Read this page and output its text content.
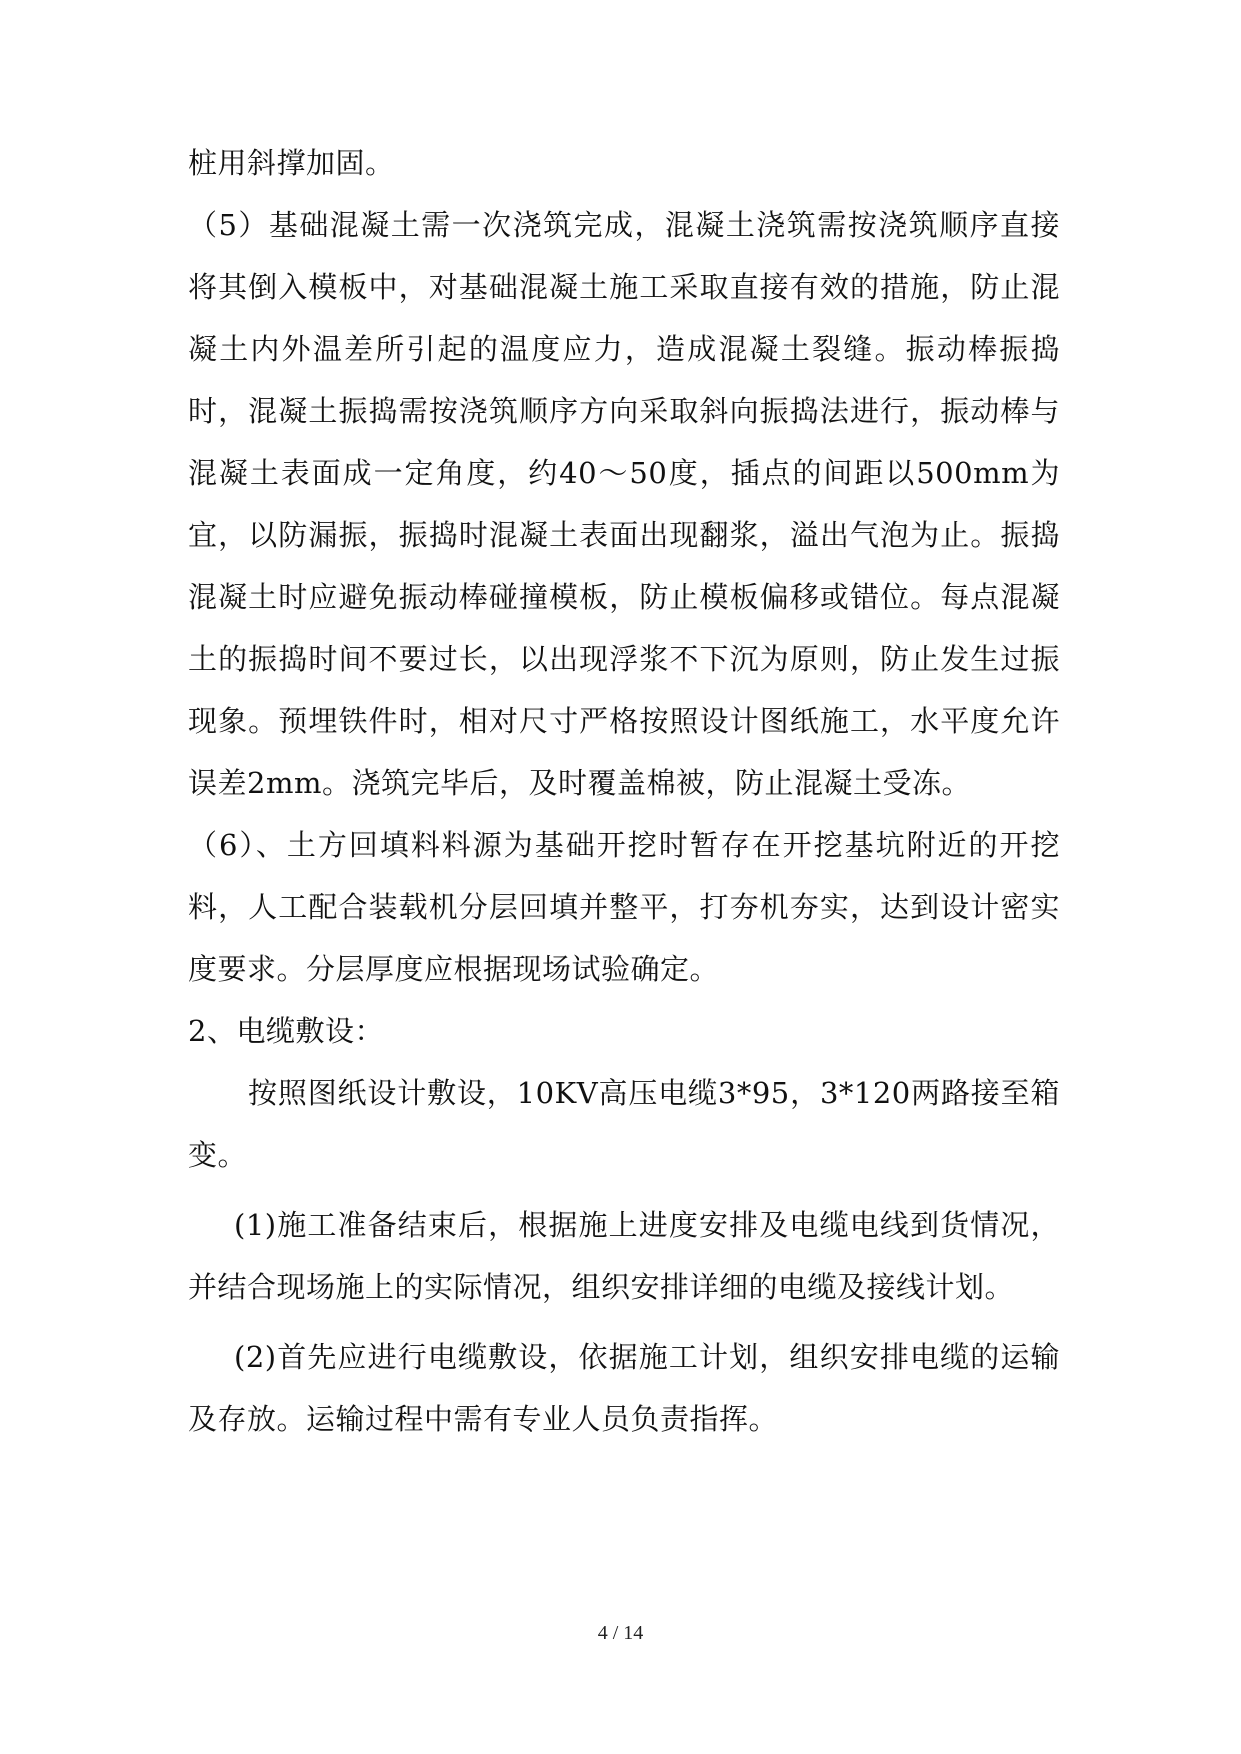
桩用斜撑加固。

（5）基础混凝土需一次浇筑完成，混凝土浇筑需按浇筑顺序直接将其倒入模板中，对基础混凝土施工采取直接有效的措施，防止混凝土内外温差所引起的温度应力，造成混凝土裂缝。振动棒振捣时，混凝土振捣需按浇筑顺序方向采取斜向振捣法进行，振动棒与混凝土表面成一定角度，约40～50度，插点的间距以500mm为宜，以防漏振，振捣时混凝土表面出现翻浆，溢出气泡为止。振捣混凝土时应避免振动棒碰撞模板，防止模板偏移或错位。每点混凝土的振捣时间不要过长，以出现浮浆不下沉为原则，防止发生过振现象。预埋铁件时，相对尺寸严格按照设计图纸施工，水平度允许误差2mm。浇筑完毕后，及时覆盖棉被，防止混凝土受冻。

（6）、土方回填料料源为基础开挖时暂存在开挖基坑附近的开挖料，人工配合装载机分层回填并整平，打夯机夯实，达到设计密实度要求。分层厚度应根据现场试验确定。

2、电缆敷设：

按照图纸设计敷设，10KV高压电缆3*95，3*120两路接至箱变。

(1)施工准备结束后，根据施上进度安排及电缆电线到货情况，并结合现场施上的实际情况，组织安排详细的电缆及接线计划。

(2)首先应进行电缆敷设，依据施工计划，组织安排电缆的运输及存放。运输过程中需有专业人员负责指挥。

4 / 14
